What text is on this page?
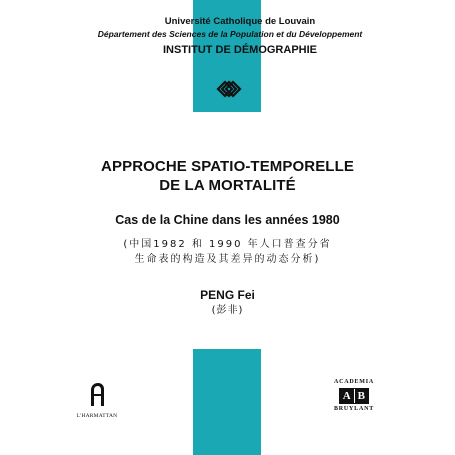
Université Catholique de Louvain
Département des Sciences de la Population et du Développement
INSTITUT DE DÉMOGRAPHIE
APPROCHE SPATIO-TEMPORELLE
DE LA MORTALITÉ
Cas de la Chine dans les années 1980
(中国1982 和 1990 年人口普查分省
生命表的构造及其差异的动态分析)
PENG Fei
(彭非)
L'HARMATTAN
ACADEMIA
A B
BRUYLANT
